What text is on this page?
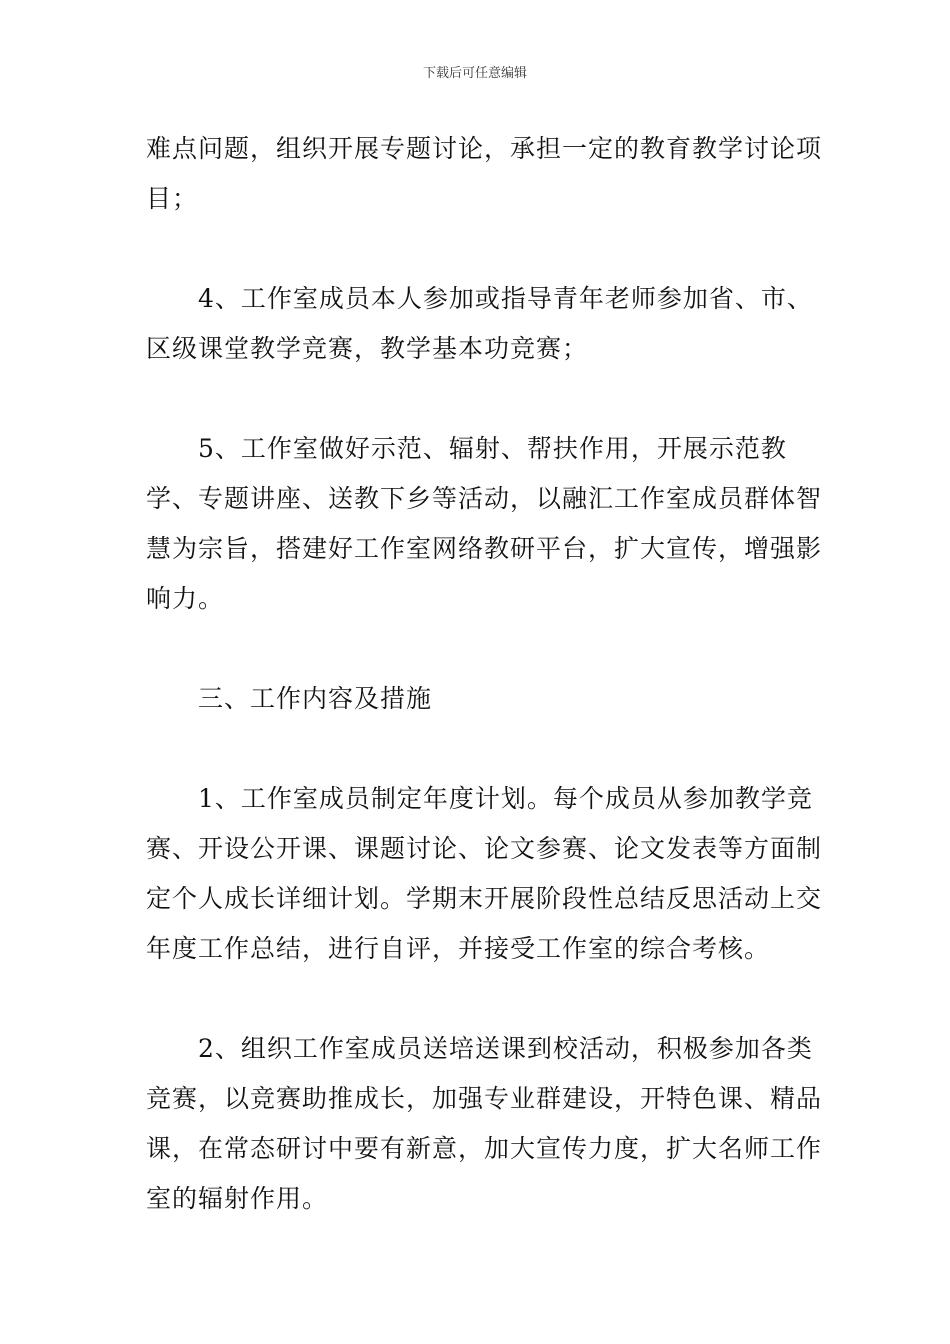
下载后可任意编辑

难点问题，组织开展专题讨论，承担一定的教育教学讨论项目；

4、工作室成员本人参加或指导青年老师参加省、市、区级课堂教学竞赛，教学基本功竞赛；

5、工作室做好示范、辐射、帮扶作用，开展示范教学、专题讲座、送教下乡等活动，以融汇工作室成员群体智慧为宗旨，搭建好工作室网络教研平台，扩大宣传，增强影响力。

三、工作内容及措施

1、工作室成员制定年度计划。每个成员从参加教学竞赛、开设公开课、课题讨论、论文参赛、论文发表等方面制定个人成长详细计划。学期末开展阶段性总结反思活动上交年度工作总结，进行自评，并接受工作室的综合考核。

2、组织工作室成员送培送课到校活动，积极参加各类竞赛，以竞赛助推成长，加强专业群建设，开特色课、精品课，在常态研讨中要有新意，加大宣传力度，扩大名师工作室的辐射作用。
